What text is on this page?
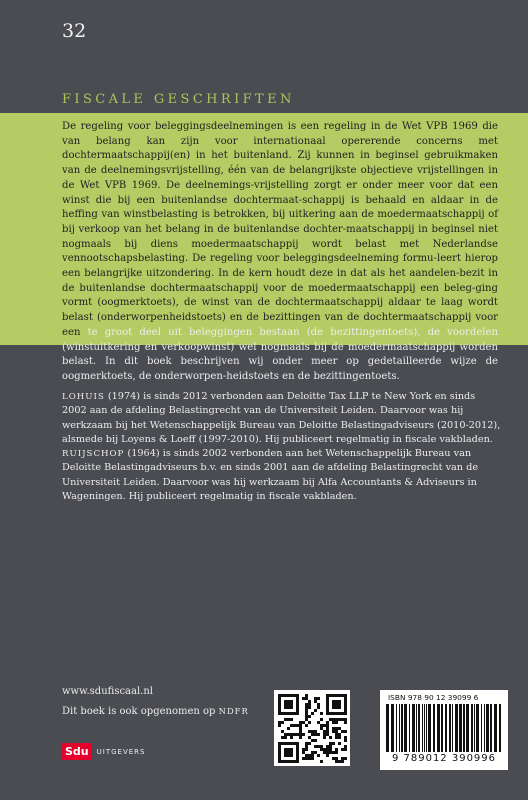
32
FISCALE GESCHRIFTEN
De regeling voor beleggingsdeelnemingen is een regeling in de Wet VPB 1969 die van belang kan zijn voor internationaal opererende concerns met dochtermaatschappij(en) in het buitenland. Zij kunnen in beginsel gebruikmaken van de deelnemingsvrijstelling, één van de belangrijkste objectieve vrijstellingen in de Wet VPB 1969. De deelnemings-vrijstelling zorgt er onder meer voor dat een winst die bij een buitenlandse dochtermaat-schappij is behaald en aldaar in de heffing van winstbelasting is betrokken, bij uitkering aan de moedermaatschappij of bij verkoop van het belang in de buitenlandse dochter-maatschappij in beginsel niet nogmaals bij diens moedermaatschappij wordt belast met Nederlandse vennootschapsbelasting. De regeling voor beleggingsdeelneming formu-leert hierop een belangrijke uitzondering. In de kern houdt deze in dat als het aandelen-bezit in de buitenlandse dochtermaatschappij voor de moedermaatschappij een beleg-ging vormt (oogmerktoets), de winst van de dochtermaatschappij aldaar te laag wordt belast (onderworpenheidstoets) en de bezittingen van de dochtermaatschappij voor een te groot deel uit beleggingen bestaan (de bezittingentoets), de voordelen (winstuitkering en verkoopwinst) wel nogmaals bij de moedermaatschappij worden belast. In dit boek beschrijven wij onder meer op gedetailleerde wijze de oogmerktoets, de onderworpen-heidstoets en de bezittingentoets.

LOHUIS (1974) is sinds 2012 verbonden aan Deloitte Tax LLP te New York en sinds 2002 aan de afdeling Belastingrecht van de Universiteit Leiden. Daarvoor was hij werkzaam bij het Wetenschappelijk Bureau van Deloitte Belastingadviseurs (2010-2012), alsmede bij Loyens & Loeff (1997-2010). Hij publiceert regelmatig in fiscale vakbladen.

RUIJSCHOP (1964) is sinds 2002 verbonden aan het Wetenschappelijk Bureau van Deloitte Belastingadviseurs b.v. en sinds 2001 aan de afdeling Belastingrecht van de Universiteit Leiden. Daarvoor was hij werkzaam bij Alfa Accountants & Adviseurs in Wageningen. Hij publiceert regelmatig in fiscale vakbladen.

www.sdufiscaal.nl
Dit boek is ook opgenomen op NDFR
Sdu	UITGEVERS
ISBN 978 90 12 39099 6
9 789012 390996
